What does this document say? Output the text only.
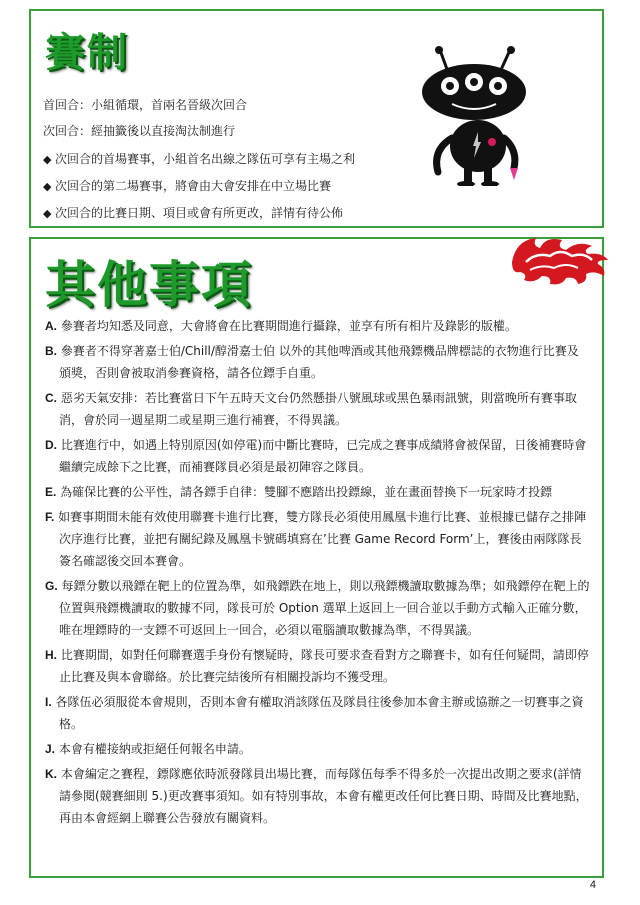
賽制
首回合：小組循環，首兩名晉級次回合
次回合：經抽籤後以直接淘汰制進行
◆ 次回合的首場賽事，小組首名出線之隊伍可享有主場之利
◆ 次回合的第二場賽事，將會由大會安排在中立場比賽
◆ 次回合的比賽日期、項目或會有所更改，詳情有待公佈
其他事項
A. 參賽者均知悉及同意，大會將會在比賽期間進行攝錄，並享有所有相片及錄影的版權。
B. 參賽者不得穿著嘉士伯/Chill/醇滑嘉士伯 以外的其他啤酒或其他飛鏢機品牌標誌的衣物進行比賽及頒獎，否則會被取消參賽資格，請各位鏢手自重。
C. 惡劣天氣安排：若比賽當日下午五時天文台仍然懸掛八號風球或黑色暴雨訊號，則當晚所有賽事取消，會於同一週星期二或星期三進行補賽，不得異議。
D. 比賽進行中，如遇上特別原因(如停電)而中斷比賽時，已完成之賽事成績將會被保留，日後補賽時會繼續完成餘下之比賽，而補賽隊員必須是最初陣容之隊員。
E. 為確保比賽的公平性，請各鏢手自律：雙腳不應踏出投鏢線，並在畫面替換下一玩家時才投鏢
F. 如賽事期間未能有效使用聯賽卡進行比賽，雙方隊長必須使用鳳凰卡進行比賽、並根據已儲存之排陣次序進行比賽，並把有關紀錄及鳳凰卡號碼填寫在’比賽 Game Record Form’上，賽後由兩隊隊長簽名確認後交回本賽會。
G. 每鏢分數以飛鏢在靶上的位置為準，如飛鏢跌在地上，則以飛鏢機讀取數據為準；如飛鏢停在靶上的位置與飛鏢機讀取的數據不同，隊長可於 Option 選單上返回上一回合並以手動方式輸入正確分數，唯在埋鏢時的一支鏢不可返回上一回合，必須以電腦讀取數據為準，不得異議。
H. 比賽期間，如對任何聯賽選手身份有懷疑時，隊長可要求查看對方之聯賽卡，如有任何疑問，請即停止比賽及與本會聯絡。於比賽完結後所有相關投訴均不獲受理。
I. 各隊伍必須服從本會規則，否則本會有權取消該隊伍及隊員往後參加本會主辦或協辦之一切賽事之資格。
J. 本會有權接納或拒絕任何報名申請。
K. 本會編定之賽程，鏢隊應依時派發隊員出場比賽，而每隊伍每季不得多於一次提出改期之要求(詳情請參閱(競賽細則 5.)更改賽事須知。如有特別事故，本會有權更改任何比賽日期、時間及比賽地點，再由本會經網上聯賽公告發放有關資料。
4
